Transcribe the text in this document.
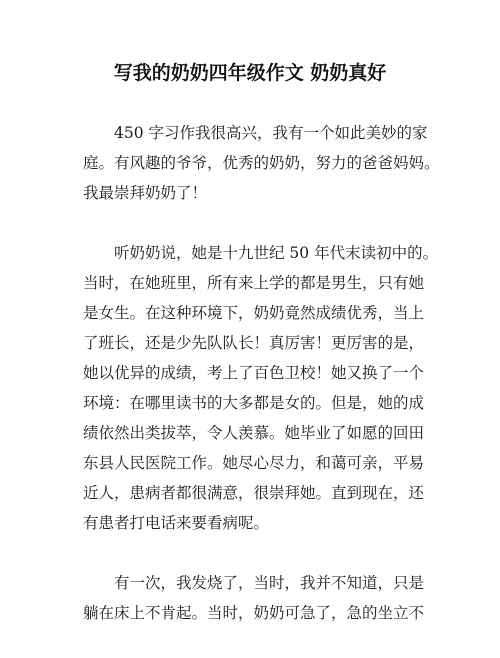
写我的奶奶四年级作文 奶奶真好

450 字习作我很高兴，我有一个如此美妙的家
庭。有风趣的爷爷，优秀的奶奶，努力的爸爸妈妈。
我最崇拜奶奶了！

听奶奶说，她是十九世纪 50 年代末读初中的。
当时，在她班里，所有来上学的都是男生，只有她
是女生。在这种环境下，奶奶竟然成绩优秀，当上
了班长，还是少先队队长！真厉害！更厉害的是，
她以优异的成绩，考上了百色卫校！她又换了一个
环境：在哪里读书的大多都是女的。但是，她的成
绩依然出类拔萃，令人羡慕。她毕业了如愿的回田
东县人民医院工作。她尽心尽力，和蔼可亲，平易
近人，患病者都很满意，很崇拜她。直到现在，还
有患者打电话来要看病呢。

有一次，我发烧了，当时，我并不知道，只是
躺在床上不肯起。当时，奶奶可急了，急的坐立不
